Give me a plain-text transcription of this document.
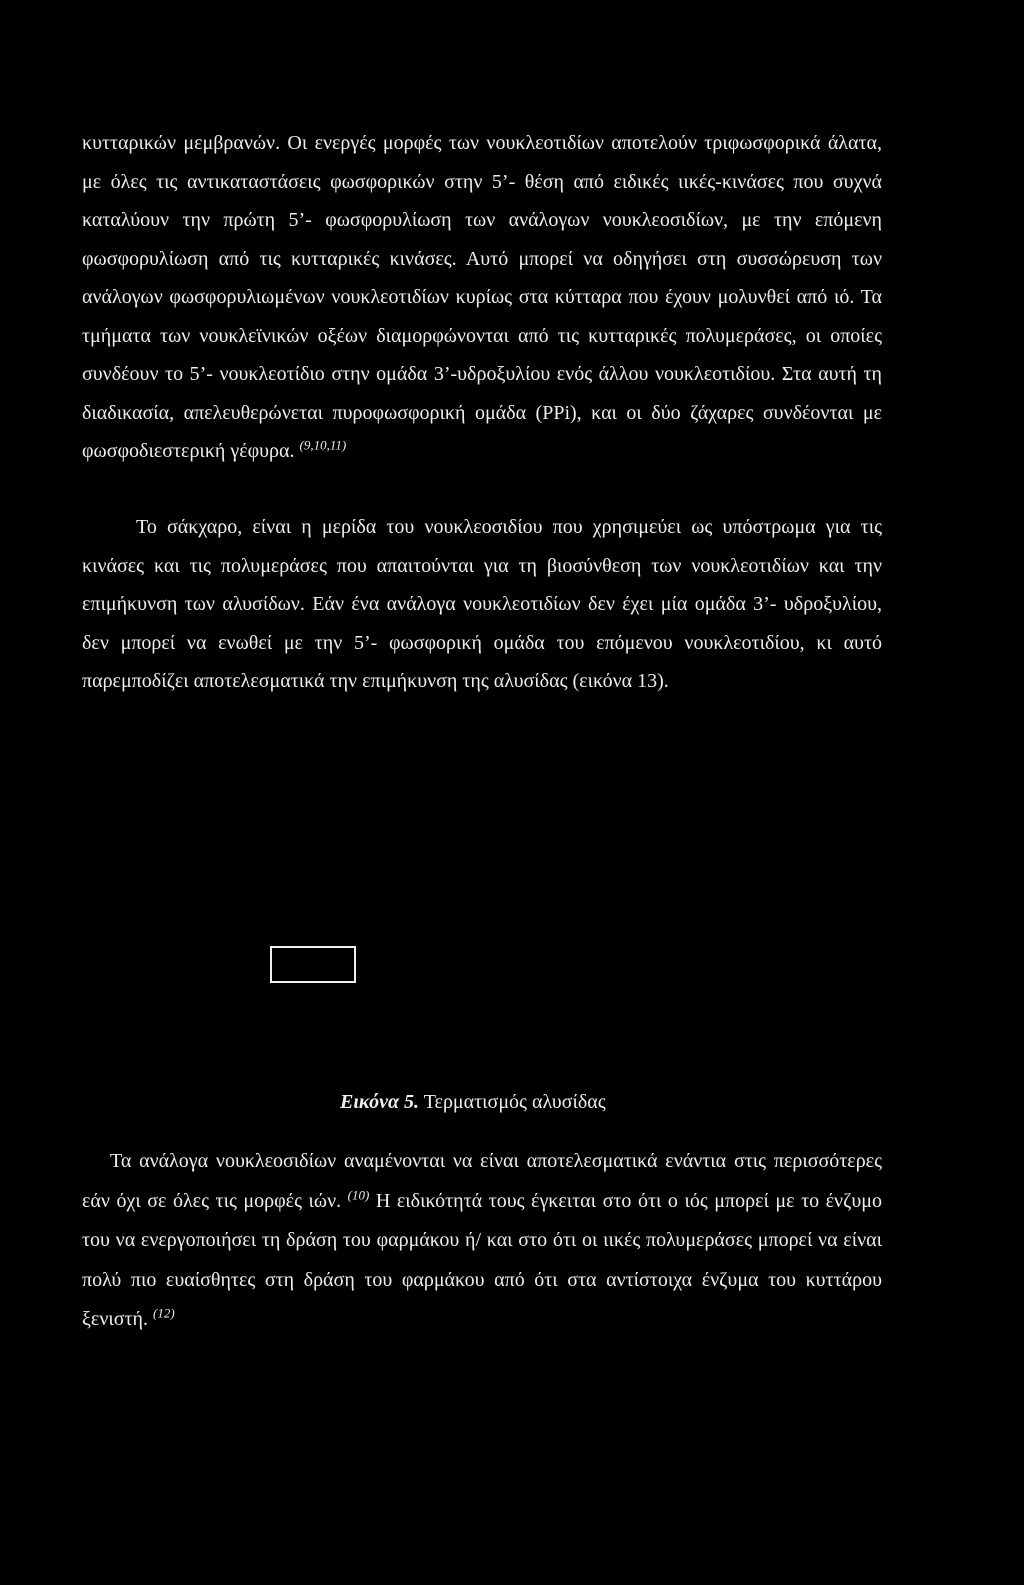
κυτταρικών μεμβρανών. Οι ενεργές μορφές των νουκλεοτιδίων αποτελούν τριφωσφορικά άλατα, με όλες τις αντικαταστάσεις φωσφορικών στην 5’- θέση από ειδικές ιικές-κινάσες που συχνά καταλύουν την πρώτη 5’- φωσφορυλίωση των ανάλογων νουκλεοσιδίων, με την επόμενη φωσφορυλίωση από τις κυτταρικές κινάσες. Αυτό μπορεί να οδηγήσει στη συσσώρευση των ανάλογων φωσφορυλιωμένων νουκλεοτιδίων κυρίως στα κύτταρα που έχουν μολυνθεί από ιό. Τα τμήματα των νουκλεϊνικών οξέων διαμορφώνονται από τις κυτταρικές πολυμεράσες, οι οποίες συνδέουν το 5’- νουκλεοτίδιο στην ομάδα 3’-υδροξυλίου ενός άλλου νουκλεοτιδίου. Στα αυτή τη διαδικασία, απελευθερώνεται πυροφωσφορική ομάδα (PPi), και οι δύο ζάχαρες συνδέονται με φωσφοδιεστερική γέφυρα. $^{(9,10,11)}$

Το σάκχαρο, είναι η μερίδα του νουκλεοσιδίου που χρησιμεύει ως υπόστρωμα για τις κινάσες και τις πολυμεράσες που απαιτούνται για τη βιοσύνθεση των νουκλεοτιδίων και την επιμήκυνση των αλυσίδων. Εάν ένα ανάλογα νουκλεοτιδίων δεν έχει μία ομάδα 3’- υδροξυλίου, δεν μπορεί να ενωθεί με την 5’- φωσφορική ομάδα του επόμενου νουκλεοτιδίου, κι αυτό παρεμποδίζει αποτελεσματικά την επιμήκυνση της αλυσίδας (εικόνα 13).

Εικόνα 5. Τερματισμός αλυσίδας

Τα ανάλογα νουκλεοσιδίων αναμένονται να είναι αποτελεσματικά ενάντια στις περισσότερες εάν όχι σε όλες τις μορφές ιών. $^{(10)}$ Η ειδικότητά τους έγκειται στο ότι ο ιός μπορεί με το ένζυμο του να ενεργοποιήσει τη δράση του φαρμάκου ή/ και στο ότι οι ιικές πολυμεράσες μπορεί να είναι πολύ πιο ευαίσθητες στη δράση του φαρμάκου από ότι στα αντίστοιχα ένζυμα του κυττάρου ξενιστή. $^{(12)}$
